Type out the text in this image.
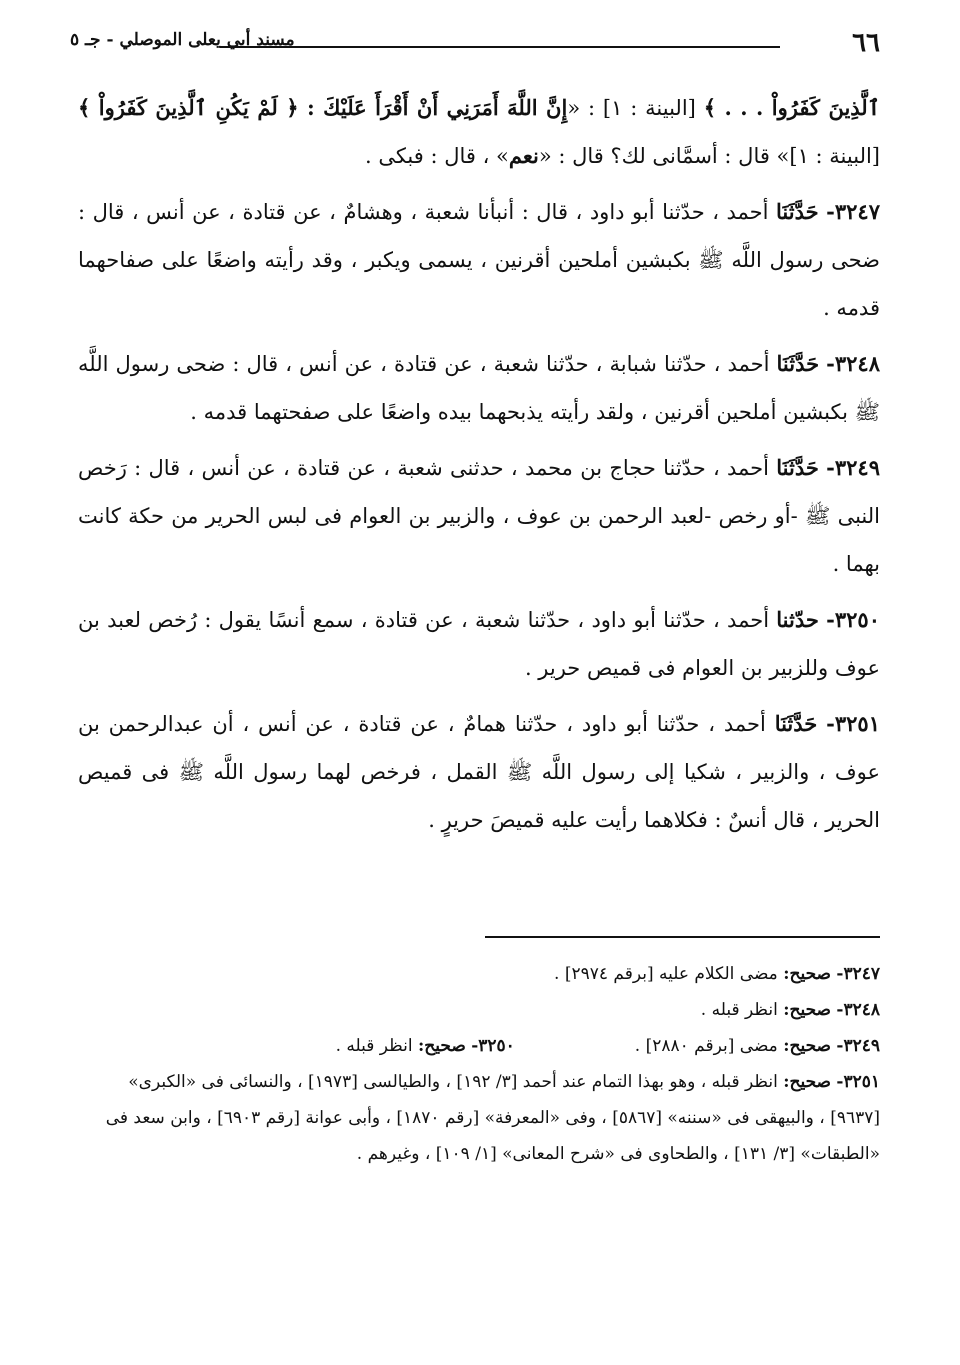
٦٦
مسند أبي يعلى الموصلي - جـ ٥

ٱلَّذِينَ كَفَرُواْ . . . ﴾ [البينة : ١] : «إِنَّ اللَّهَ أَمَرَنِي أَنْ أَقْرَأَ عَلَيْكَ : ﴿ لَمْ يَكُنِ ٱلَّذِينَ كَفَرُواْ ﴾ [البينة : ١]» قال : أسمَّانى لك؟ قال : «نعم» ، قال : فبكى .

٣٢٤٧- حَدَّثَنَا أحمد ، حدّثنا أبو داود ، قال : أنبأنا شعبة ، وهشامٌ ، عن قتادة ، عن أنس ، قال : ضحى رسول اللَّه ﷺ بكبشين أملحين أقرنين ، يسمى ويكبر ، وقد رأيته واضعًا على صفاحهما قدمه .

٣٢٤٨- حَدَّثَنَا أحمد ، حدّثنا شبابة ، حدّثنا شعبة ، عن قتادة ، عن أنس ، قال : ضحى رسول اللَّه ﷺ بكبشين أملحين أقرنين ، ولقد رأيته يذبحهما بيده واضعًا على صفحتهما قدمه .

٣٢٤٩- حَدَّثَنَا أحمد ، حدّثنا حجاج بن محمد ، حدثنى شعبة ، عن قتادة ، عن أنس ، قال : رَخص النبى ﷺ -أو رخص -لعبد الرحمن بن عوف ، والزبير بن العوام فى لبس الحرير من حكة كانت بهما .

٣٢٥٠- حدّثنا أحمد ، حدّثنا أبو داود ، حدّثنا شعبة ، عن قتادة ، سمع أنسًا يقول : رُخص لعبد بن عوف وللزبير بن العوام فى قميص حرير .

٣٢٥١- حَدَّثَنَا أحمد ، حدّثنا أبو داود ، حدّثنا همامٌ ، عن قتادة ، عن أنس ، أن عبدالرحمن بن عوف ، والزبير ، شكيا إلى رسول اللَّه ﷺ القمل ، فرخص لهما رسول اللَّه ﷺ فى قميص الحرير ، قال أنسٌ : فكلاهما رأيت عليه قميصَ حريرٍ .

٣٢٤٧- صحيح: مضى الكلام عليه [برقم ٢٩٧٤] .

٣٢٤٨- صحيح: انظر قبله .

٣٢٤٩- صحيح: مضى [برقم ٢٨٨٠] .

٣٢٥٠- صحيح: انظر قبله .

٣٢٥١- صحيح: انظر قبله ، وهو بهذا التمام عند أحمد [٣/ ١٩٢] ، والطيالسى [١٩٧٣] ، والنسائى فى «الكبرى» [٩٦٣٧] ، والبيهقى فى «سننه» [٥٨٦٧] ، وفى «المعرفة» [رقم ١٨٧٠] ، وأبى عوانة [رقم ٦٩٠٣] ، وابن سعد فى «الطبقات» [٣/ ١٣١] ، والطحاوى فى «شرح المعانى» [١/ ١٠٩] ، وغيرهم .
